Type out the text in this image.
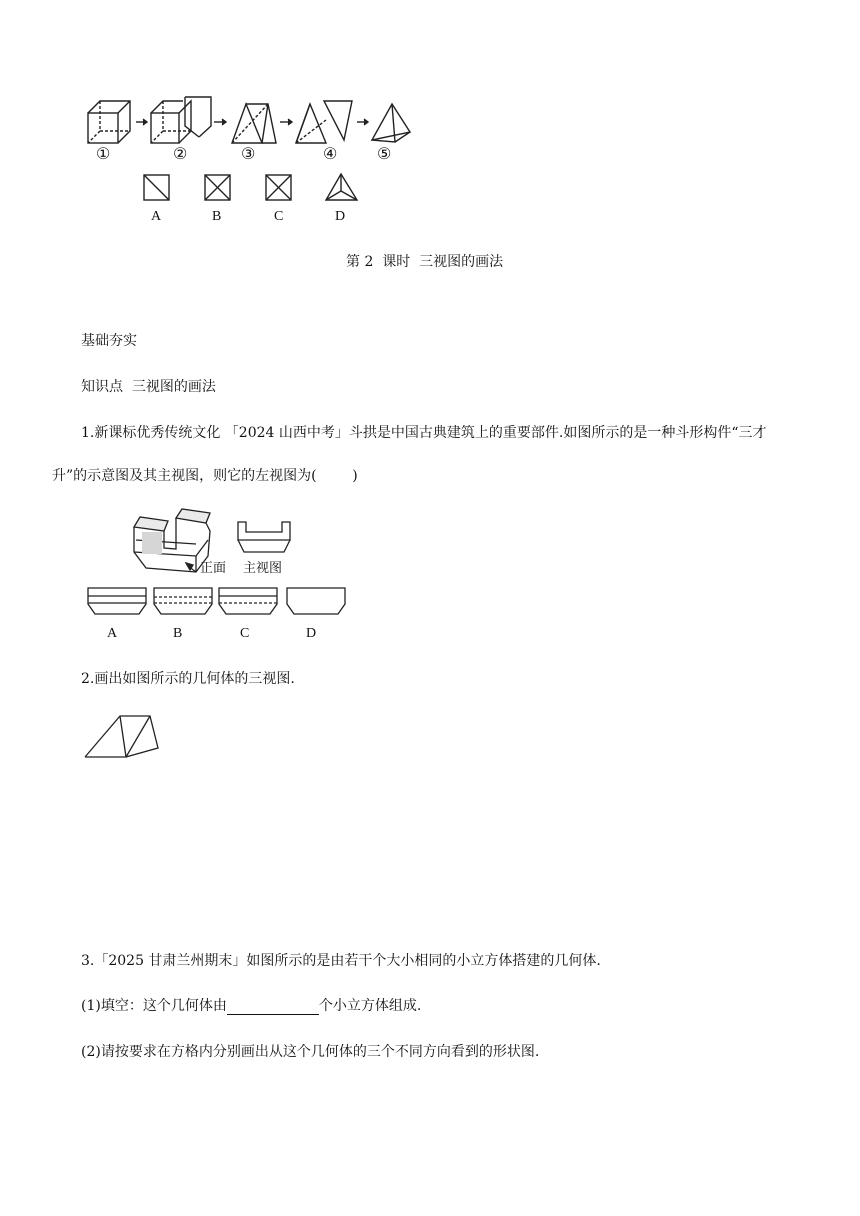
①	②	③	④ ⑤
A	B	C	D
第 2  课时  三视图的画法
基础夯实
知识点  三视图的画法
1.新课标优秀传统文化 「2024 山西中考」斗拱是中国古典建筑上的重要部件.如图所示的是一种斗形构件“三才
升”的示意图及其主视图，则它的左视图为(        )
正面 主视图
A	B	C	D
2.画出如图所示的几何体的三视图.
3.「2025 甘肃兰州期末」如图所示的是由若干个大小相同的小立方体搭建的几何体.
(1)填空：这个几何体由	个小立方体组成.
(2)请按要求在方格内分别画出从这个几何体的三个不同方向看到的形状图.
